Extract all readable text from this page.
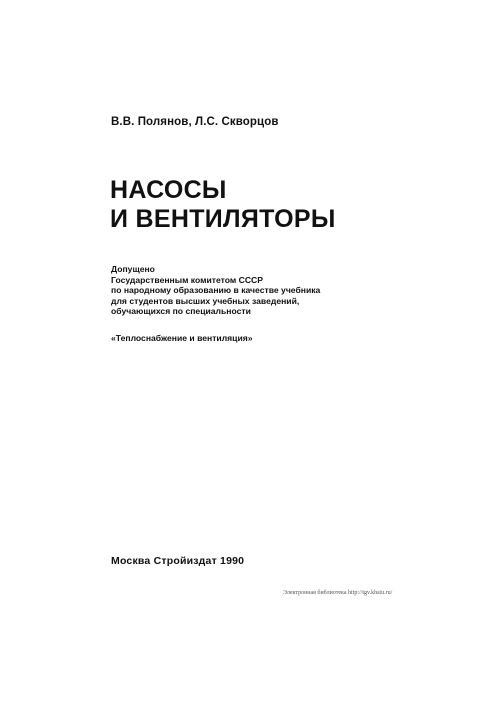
В.В. Полянов, Л.С. Скворцов
НАСОСЫ
И ВЕНТИЛЯТОРЫ
Допущено
Государственным комитетом СССР
по народному образованию в качестве учебника
для студентов высших учебных заведений,
обучающихся по специальности
«Теплоснабжение и вентиляция»
Москва Стройиздат 1990
Электронная библиотека http://tgv.khstu.ru/
